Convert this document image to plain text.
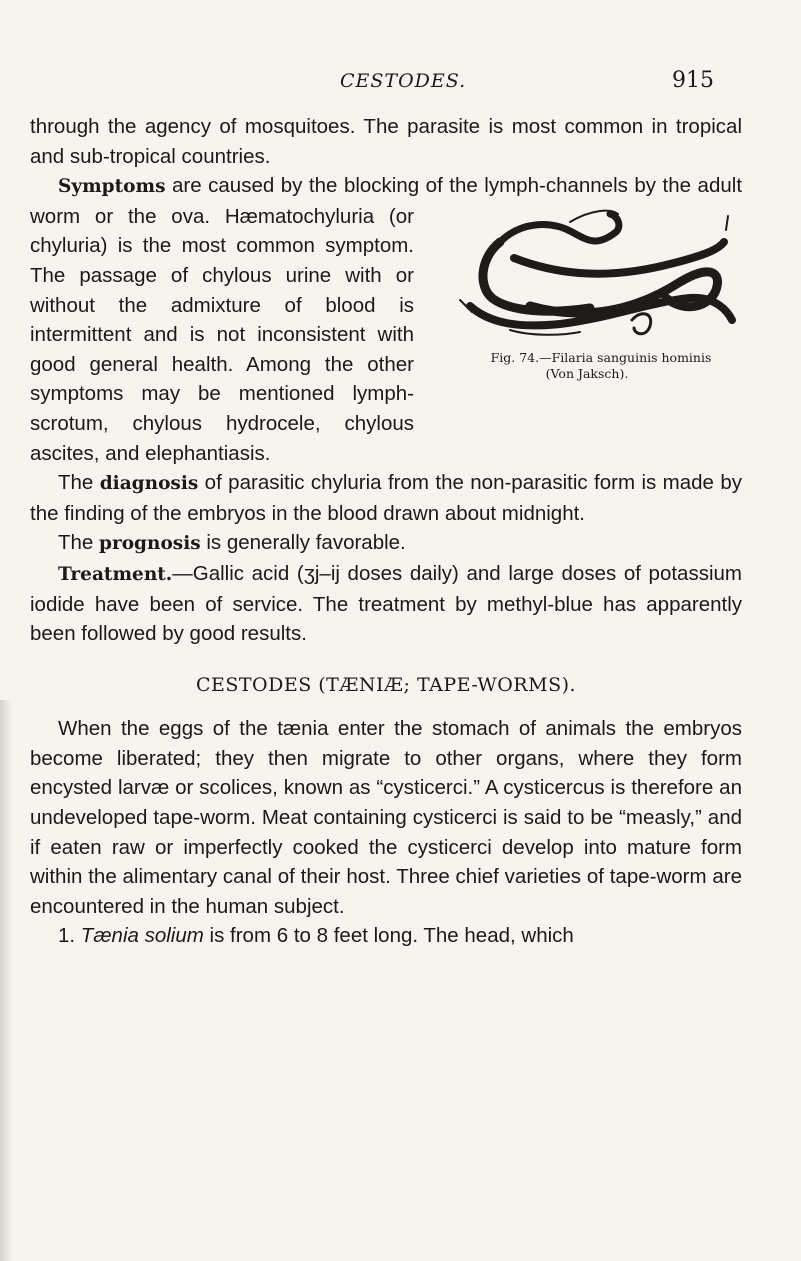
CESTODES.	915

through the agency of mosquitoes. The parasite is most common in tropical and sub-tropical countries.

Symptoms are caused by the blocking of the lymph-
Fig. 74.—Filaria sanguinis hominis
(Von Jaksch).
channels by the adult worm or the ova. Hæmatochyluria (or chyluria) is the most common symptom. The passage of chylous urine with or without the admixture of blood is intermittent and is not inconsistent with good general health. Among the other symptoms may be mentioned lymph-scrotum, chylous hydrocele, chylous ascites, and elephantiasis.

The diagnosis of parasitic chyluria from the non-parasitic form is made by the finding of the embryos in the blood drawn about midnight.

The prognosis is generally favorable.

Treatment.—Gallic acid (ʒj–ij doses daily) and large doses of potassium iodide have been of service. The treatment by methyl-blue has apparently been followed by good results.

CESTODES (TÆNIÆ; TAPE-WORMS).

When the eggs of the tænia enter the stomach of animals the embryos become liberated; they then migrate to other organs, where they form encysted larvæ or scolices, known as “cysticerci.” A cysticercus is therefore an undeveloped tape-worm. Meat containing cysticerci is said to be “measly,” and if eaten raw or imperfectly cooked the cysticerci develop into mature form within the alimentary canal of their host. Three chief varieties of tape-worm are encountered in the human subject.

1. Tænia solium is from 6 to 8 feet long. The head, which
